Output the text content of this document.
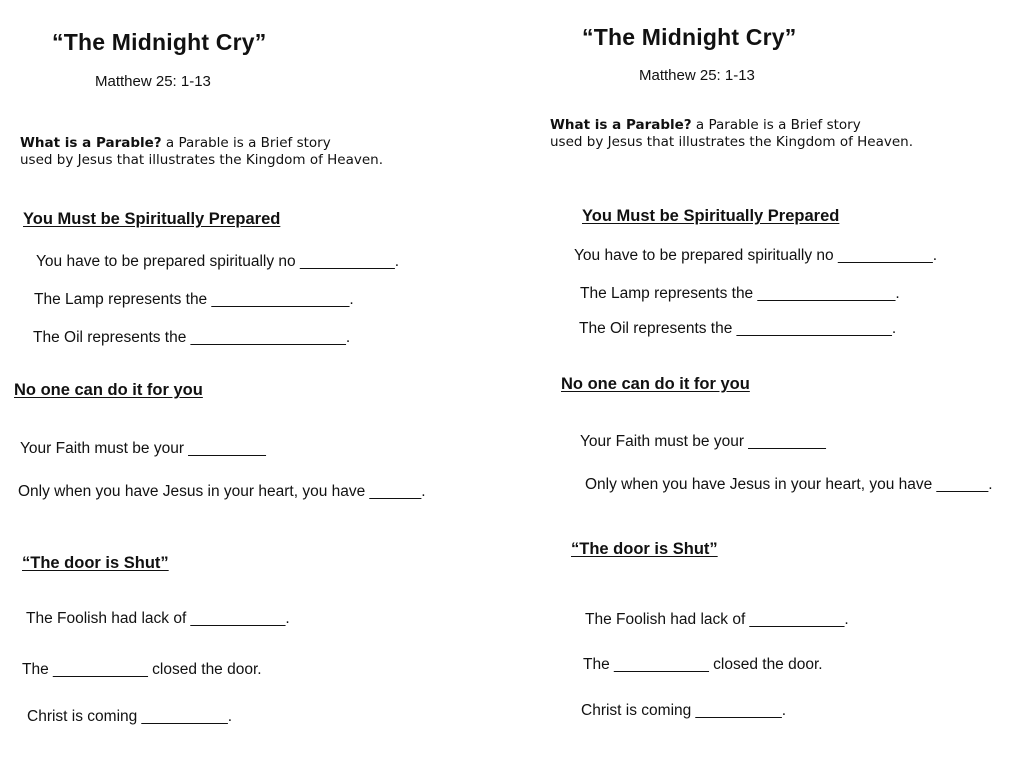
“The Midnight Cry”
Matthew 25: 1-13
What is a Parable? a Parable is a Brief story
used by Jesus that illustrates the Kingdom of Heaven.
You Must be Spiritually Prepared
You have to be prepared spiritually no ___________.
The Lamp represents the ________________.
The Oil represents the __________________.
No one can do it for you
Your Faith must be your _________
Only when you have Jesus in your heart, you have ______.
“The door is Shut”
The Foolish had lack of ___________.
The ___________ closed the door.
Christ is coming __________.
“The Midnight Cry”
Matthew 25: 1-13
What is a Parable? a Parable is a Brief story
used by Jesus that illustrates the Kingdom of Heaven.
You Must be Spiritually Prepared
You have to be prepared spiritually no ___________.
The Lamp represents the ________________.
The Oil represents the __________________.
No one can do it for you
Your Faith must be your _________
Only when you have Jesus in your heart, you have ______.
“The door is Shut”
The Foolish had lack of ___________.
The ___________ closed the door.
Christ is coming __________.
